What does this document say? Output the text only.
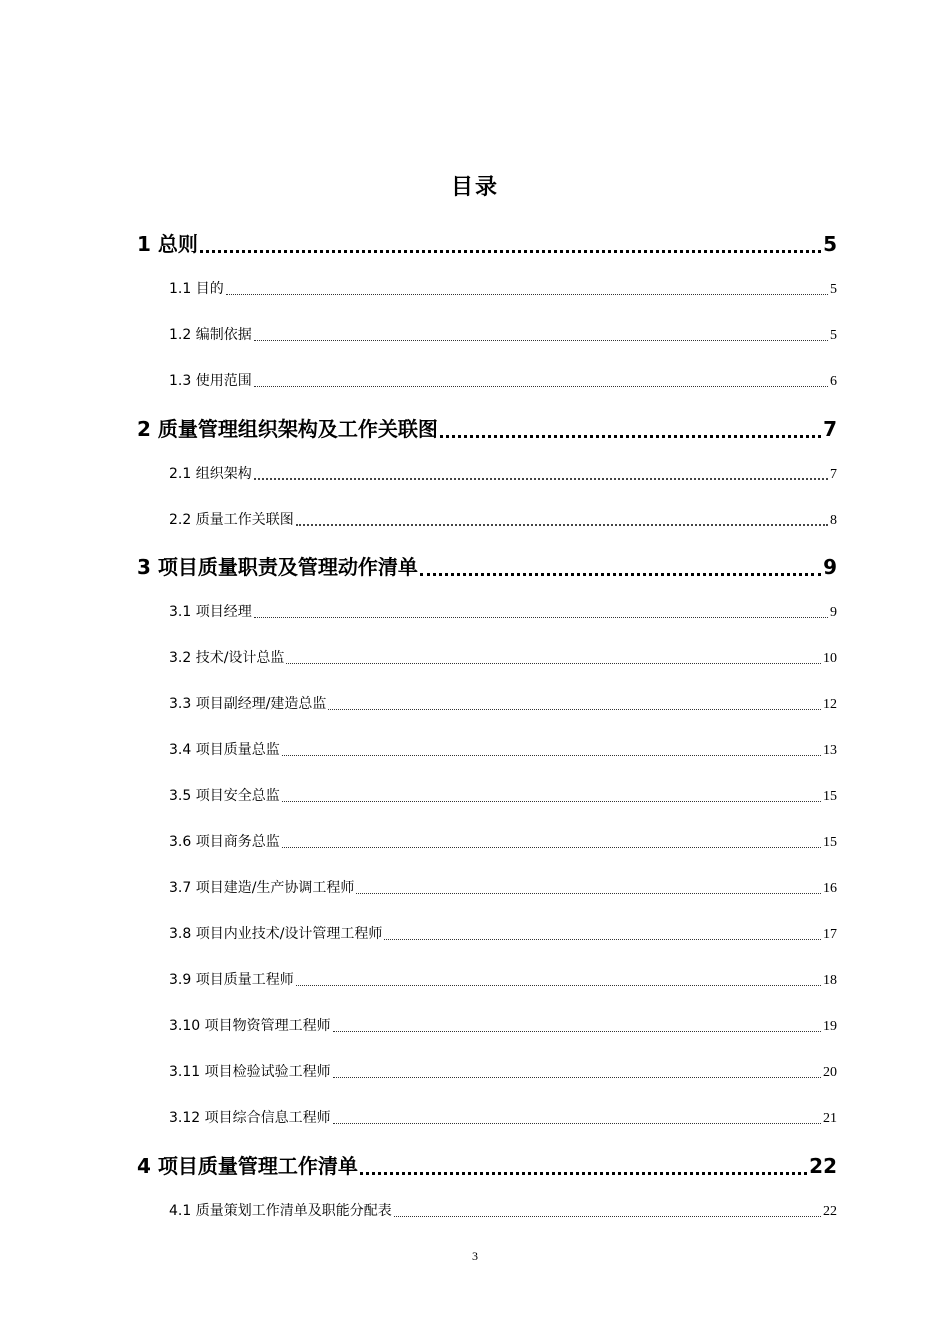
目录
1 总则	5
1.1 目的	5
1.2 编制依据	5
1.3 使用范围	6
2 质量管理组织架构及工作关联图	7
2.1 组织架构	7
2.2 质量工作关联图	8
3 项目质量职责及管理动作清单	9
3.1 项目经理	9
3.2 技术/设计总监	10
3.3 项目副经理/建造总监	12
3.4 项目质量总监	13
3.5 项目安全总监	15
3.6 项目商务总监	15
3.7 项目建造/生产协调工程师	16
3.8 项目内业技术/设计管理工程师	17
3.9 项目质量工程师	18
3.10 项目物资管理工程师	19
3.11 项目检验试验工程师	20
3.12 项目综合信息工程师	21
4 项目质量管理工作清单	22
4.1 质量策划工作清单及职能分配表	22
3
